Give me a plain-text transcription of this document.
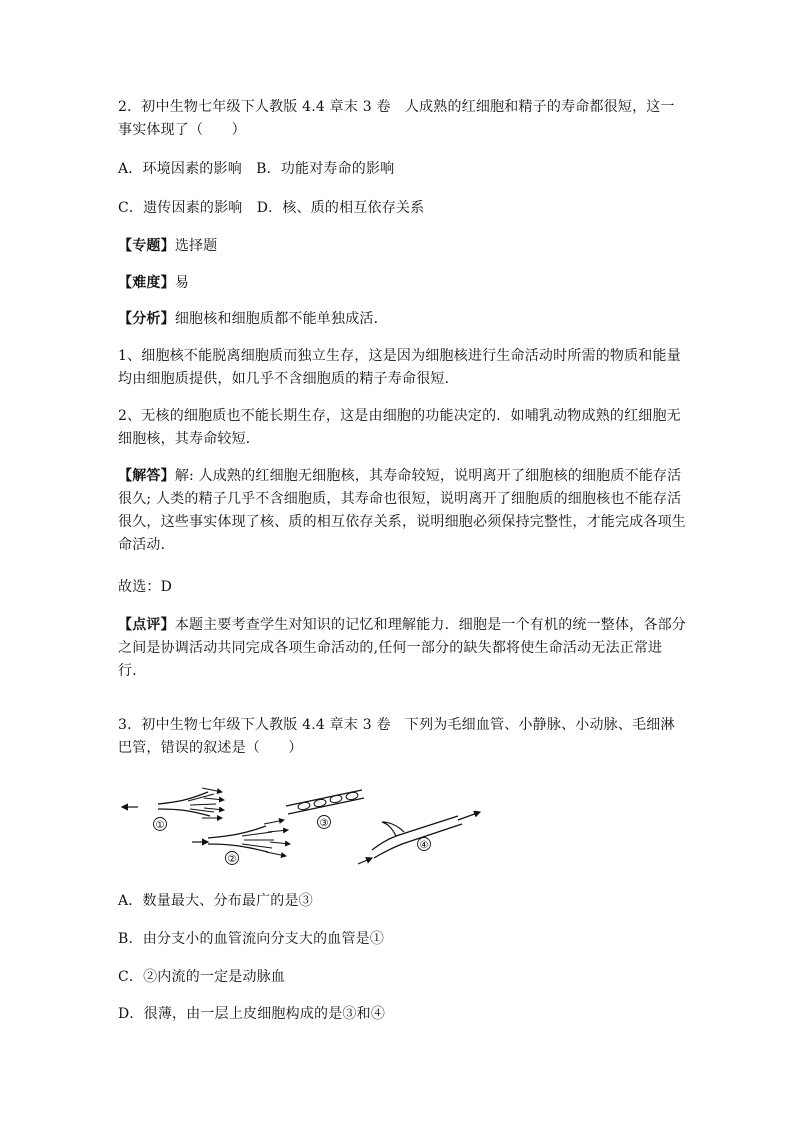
2．初中生物七年级下人教版 4.4 章末 3 卷　人成熟的红细胞和精子的寿命都很短，这一事实体现了（　　）
A．环境因素的影响　B．功能对寿命的影响
C．遗传因素的影响　D．核、质的相互依存关系
【专题】选择题
【难度】易
【分析】细胞核和细胞质都不能单独成活．
1、细胞核不能脱离细胞质而独立生存，这是因为细胞核进行生命活动时所需的物质和能量均由细胞质提供，如几乎不含细胞质的精子寿命很短．
2、无核的细胞质也不能长期生存，这是由细胞的功能决定的．如哺乳动物成熟的红细胞无细胞核，其寿命较短．
【解答】解: 人成熟的红细胞无细胞核，其寿命较短，说明离开了细胞核的细胞质不能存活很久; 人类的精子几乎不含细胞质，其寿命也很短，说明离开了细胞质的细胞核也不能存活很久，这些事实体现了核、质的相互依存关系，说明细胞必须保持完整性，才能完成各项生命活动．
故选：D
【点评】本题主要考查学生对知识的记忆和理解能力．细胞是一个有机的统一整体，各部分之间是协调活动共同完成各项生命活动的,任何一部分的缺失都将使生命活动无法正常进行．
3．初中生物七年级下人教版 4.4 章末 3 卷　下列为毛细血管、小静脉、小动脉、毛细淋巴管，错误的叙述是（　　）
①
②
③
④
A．数量最大、分布最广的是③
B．由分支小的血管流向分支大的血管是①
C．②内流的一定是动脉血
D．很薄，由一层上皮细胞构成的是③和④
